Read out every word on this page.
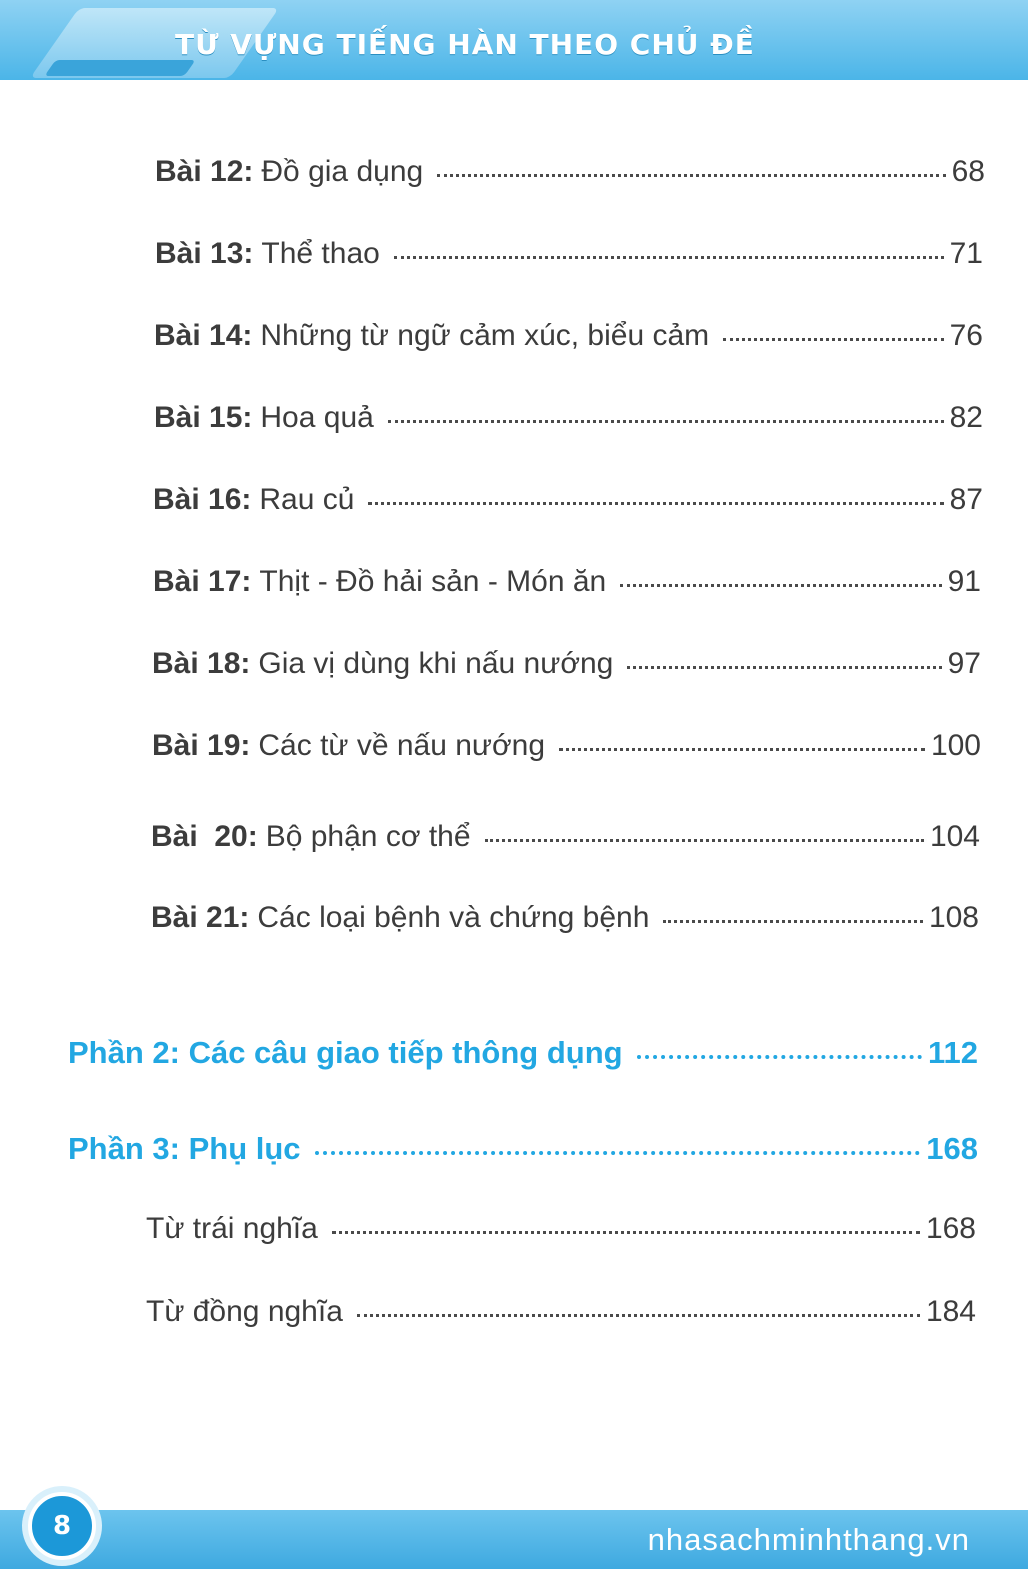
TỪ VỰNG TIẾNG HÀN THEO CHỦ ĐỀ
Bài 12: Đồ gia dụng	68
Bài 13: Thể thao	71
Bài 14: Những từ ngữ cảm xúc, biểu cảm	76
Bài 15: Hoa quả	82
Bài 16: Rau củ	87
Bài 17: Thịt - Đồ hải sản - Món ăn	91
Bài 18: Gia vị dùng khi nấu nướng	97
Bài 19: Các từ về nấu nướng	100
Bài  20: Bộ phận cơ thể	104
Bài 21: Các loại bệnh và chứng bệnh	108
Phần 2: Các câu giao tiếp thông dụng	112
Phần 3: Phụ lục	168
Từ trái nghĩa	168
Từ đồng nghĩa	184
8	nhasachminhthang.vn
